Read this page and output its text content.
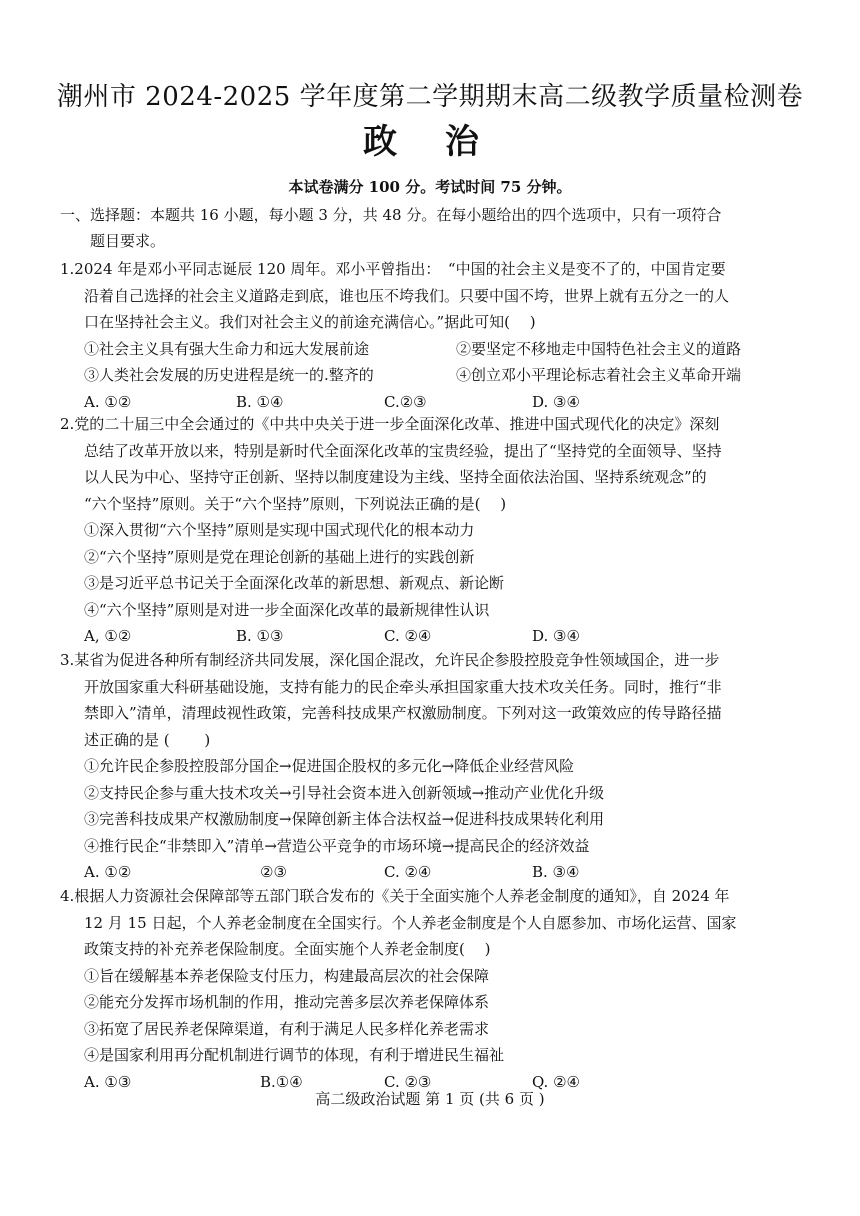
潮州市 2024-2025 学年度第二学期期末高二级教学质量检测卷
政 治
本试卷满分 100 分。考试时间 75 分钟。
一、选择题：本题共 16 小题，每小题 3 分，共 48 分。在每小题给出的四个选项中，只有一项符合
题目要求。
1.2024 年是邓小平同志诞辰 120 周年。邓小平曾指出：　“中国的社会主义是变不了的，中国肯定要
沿着自己选择的社会主义道路走到底，谁也压不垮我们。只要中国不垮，世界上就有五分之一的人
口在坚持社会主义。我们对社会主义的前途充满信心。”据此可知(　 )
①社会主义具有强大生命力和远大发展前途	②要坚定不移地走中国特色社会主义的道路
③人类社会发展的历史进程是统一的.整齐的	④创立邓小平理论标志着社会主义革命开端
A. ①②	B. ①④	C.②③	D. ③④
2.党的二十届三中全会通过的《中共中央关于进一步全面深化改革、推进中国式现代化的决定》深刻
总结了改革开放以来，特别是新时代全面深化改革的宝贵经验，提出了“坚持党的全面领导、坚持
以人民为中心、坚持守正创新、坚持以制度建设为主线、坚持全面依法治国、坚持系统观念”的
“六个坚持”原则。关于“六个坚持”原则，下列说法正确的是(　 )
①深入贯彻“六个坚持”原则是实现中国式现代化的根本动力
②“六个坚持”原则是党在理论创新的基础上进行的实践创新
③是习近平总书记关于全面深化改革的新思想、新观点、新论断
④“六个坚持”原则是对进一步全面深化改革的最新规律性认识
A, ①②	B. ①③	C. ②④	D. ③④
3.某省为促进各种所有制经济共同发展，深化国企混改，允许民企参股控股竞争性领域国企，进一步
开放国家重大科研基础设施，支持有能力的民企牵头承担国家重大技术攻关任务。同时，推行“非
禁即入”清单，清理歧视性政策，完善科技成果产权激励制度。下列对这一政策效应的传导路径描
述正确的是 (　 　)
①允许民企参股控股部分国企→促进国企股权的多元化→降低企业经营风险
②支持民企参与重大技术攻关→引导社会资本进入创新领域→推动产业优化升级
③完善科技成果产权激励制度→保障创新主体合法权益→促进科技成果转化利用
④推行民企“非禁即入”清单→营造公平竞争的市场环境→提高民企的经济效益
A. ①②	②③	C. ②④	B. ③④
4.根据人力资源社会保障部等五部门联合发布的《关于全面实施个人养老金制度的通知》，自 2024 年
12 月 15 日起，个人养老金制度在全国实行。个人养老金制度是个人自愿参加、市场化运营、国家
政策支持的补充养老保险制度。全面实施个人养老金制度(　 )
①旨在缓解基本养老保险支付压力，构建最高层次的社会保障
②能充分发挥市场机制的作用，推动完善多层次养老保障体系
③拓宽了居民养老保障渠道，有利于满足人民多样化养老需求
④是国家利用再分配机制进行调节的体现，有利于增进民生福祉
A. ①③	B.①④	C. ②③	Q. ②④
高二级政治试题 第 1 页 (共 6 页 )
